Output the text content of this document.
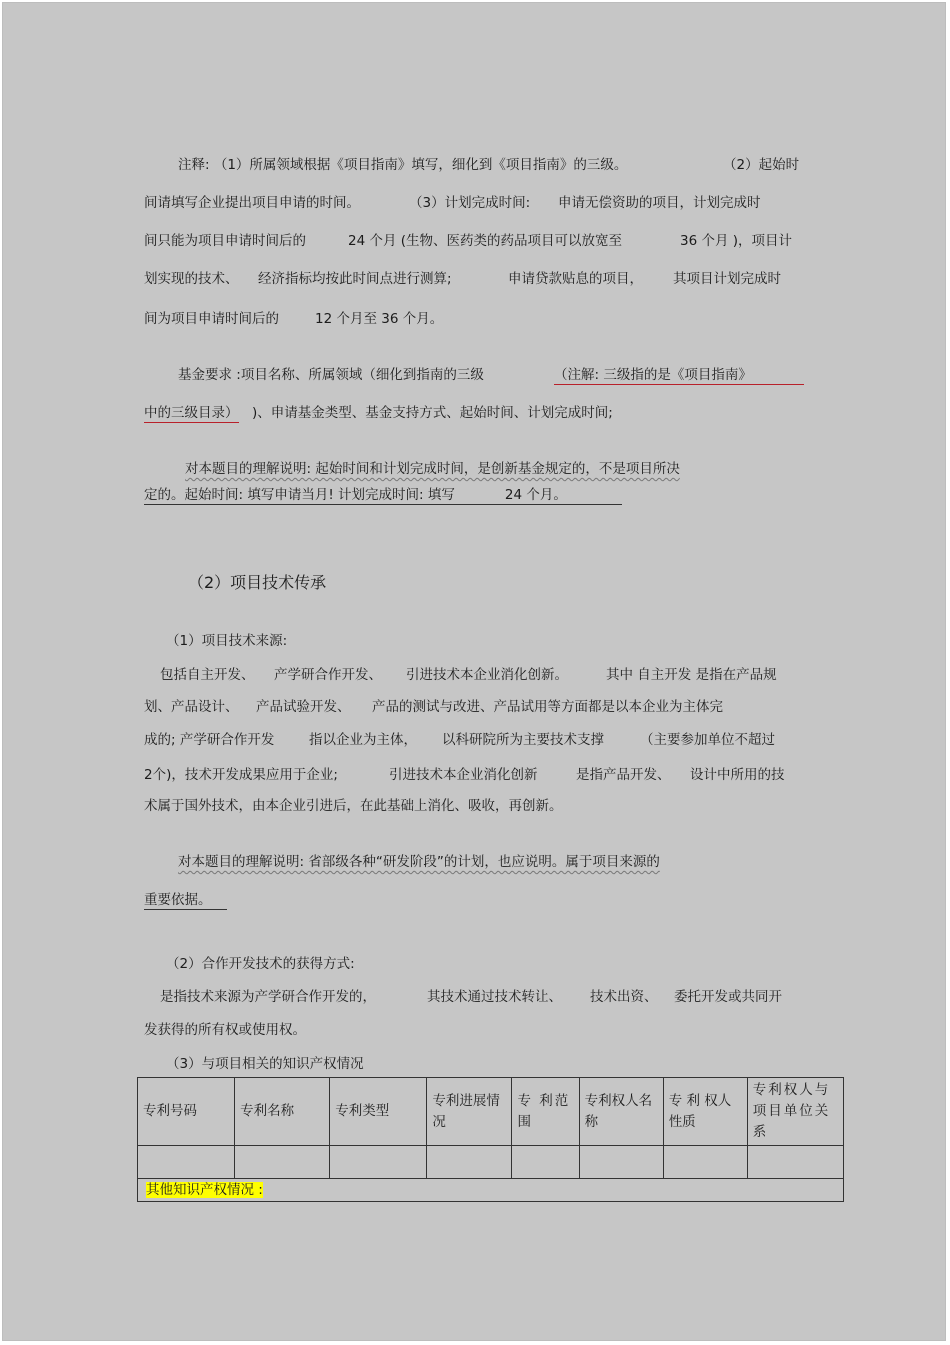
注释: （1）所属领域根据《项目指南》填写，细化到《项目指南》的三级。	（2）起始时
间请填写企业提出项目申请的时间。	（3）计划完成时间: 申请无偿资助的项目，计划完成时
间只能为项目申请时间后的	24 个月 (生物、医药类的药品项目可以放宽至	36 个月 )，项目计
划实现的技术、 经济指标均按此时间点进行测算;	申请贷款贴息的项目， 其项目计划完成时
间为项目申请时间后的	12 个月至 36 个月。
基金要求 :项目名称、所属领域（细化到指南的三级	（注解: 三级指的是《项目指南》
中的三级目录） )、申请基金类型、基金支持方式、起始时间、计划完成时间;
对本题目的理解说明: 起始时间和计划完成时间，是创新基金规定的，不是项目所决
定的。起始时间: 填写申请当月! 计划完成时间: 填写	24 个月。
（2）项目技术传承
（1）项目技术来源:
包括自主开发、 产学研合作开发、 引进技术本企业消化创新。	其中 自主开发 是指在产品规
划、产品设计、 产品试验开发、 产品的测试与改进、产品试用等方面都是以本企业为主体完
成的; 产学研合作开发	指以企业为主体， 以科研院所为主要技术支撑	（主要参加单位不超过
2个)，技术开发成果应用于企业;	引进技术本企业消化创新	是指产品开发、 设计中所用的技
术属于国外技术，由本企业引进后，在此基础上消化、吸收，再创新。
对本题目的理解说明: 省部级各种“研发阶段”的计划，也应说明。属于项目来源的
重要依据。
（2）合作开发技术的获得方式:
是指技术来源为产学研合作开发的，	其技术通过技术转让、 技术出资、 委托开发或共同开
发获得的所有权或使用权。
（3）与项目相关的知识产权情况
专利号码	专利名称	专利类型	专利进展情况	专 利范围	专利权人名称	专 利 权人性质	专利权人与项目单位关系

其他知识产权情况 :							
